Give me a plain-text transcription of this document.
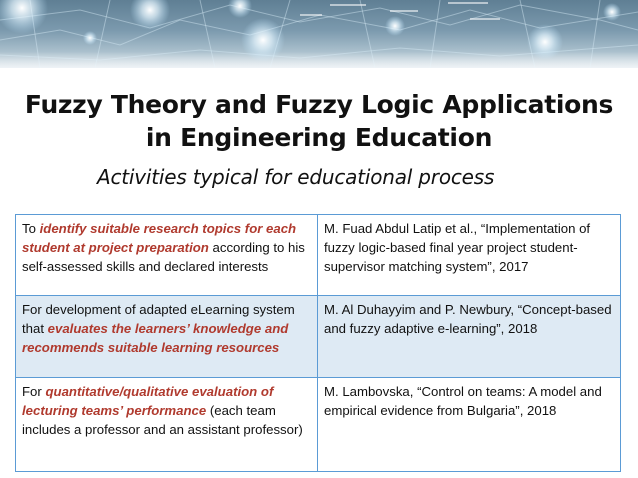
Fuzzy Theory and Fuzzy Logic Applications
in Engineering Education
Activities typical for educational process
To identify suitable research topics for each student at project preparation according to his self-assessed skills and declared interests	M. Fuad Abdul Latip et al., “Implementation of fuzzy logic-based final year project student-supervisor matching system”, 2017
For development of adapted eLearning system that evaluates the learners’ knowledge and recommends suitable learning resources	M. Al Duhayyim and P. Newbury, “Concept-based and fuzzy adaptive e-learning”, 2018
For quantitative/qualitative evaluation of lecturing teams’ performance (each team includes a professor and an assistant professor)	M. Lambovska, “Control on teams: A model and empirical evidence from Bulgaria”, 2018
